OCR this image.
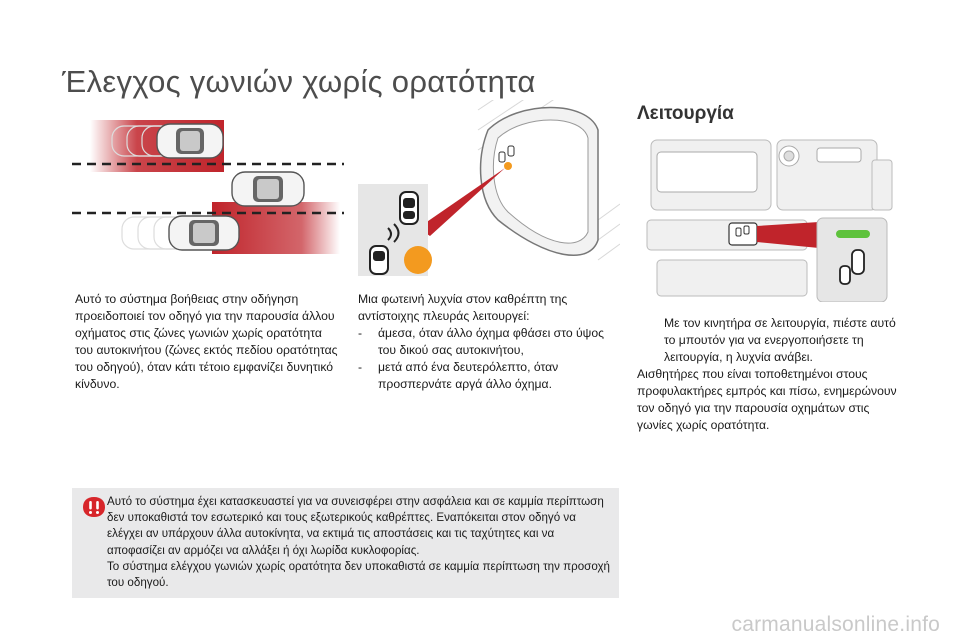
Έλεγχος γωνιών χωρίς ορατότητα
Λειτουργία
Αυτό το σύστημα βοήθειας στην οδήγηση προειδοποιεί τον οδηγό για την παρουσία άλλου οχήματος στις ζώνες γωνιών χωρίς ορατότητα του αυτοκινήτου (ζώνες εκτός πεδίου ορατότητας του οδηγού), όταν κάτι τέτοιο εμφανίζει δυνητικό κίνδυνο.
Μια φωτεινή λυχνία στον καθρέπτη της αντίστοιχης πλευράς λειτουργεί:
- άμεσα, όταν άλλο όχημα φθάσει στο ύψος του δικού σας αυτοκινήτου,
- μετά από ένα δευτερόλεπτο, όταν προσπερνάτε αργά άλλο όχημα.
Με τον κινητήρα σε λειτουργία, πιέστε αυτό το μπουτόν για να ενεργοποιήσετε τη λειτουργία, η λυχνία ανάβει.
Αισθητήρες που είναι τοποθετημένοι στους προφυλακτήρες εμπρός και πίσω, ενημερώνουν τον οδηγό για την παρουσία οχημάτων στις γωνίες χωρίς ορατότητα.
Αυτό το σύστημα έχει κατασκευαστεί για να συνεισφέρει στην ασφάλεια και σε καμμία περίπτωση δεν υποκαθιστά τον εσωτερικό και τους εξωτερικούς καθρέπτες. Εναπόκειται στον οδηγό να ελέγχει αν υπάρχουν άλλα αυτοκίνητα, να εκτιμά τις αποστάσεις και τις ταχύτητες και να αποφασίζει αν αρμόζει να αλλάξει ή όχι λωρίδα κυκλοφορίας.
Το σύστημα ελέγχου γωνιών χωρίς ορατότητα δεν υποκαθιστά σε καμμία περίπτωση την προσοχή του οδηγού.
carmanualsonline.info
